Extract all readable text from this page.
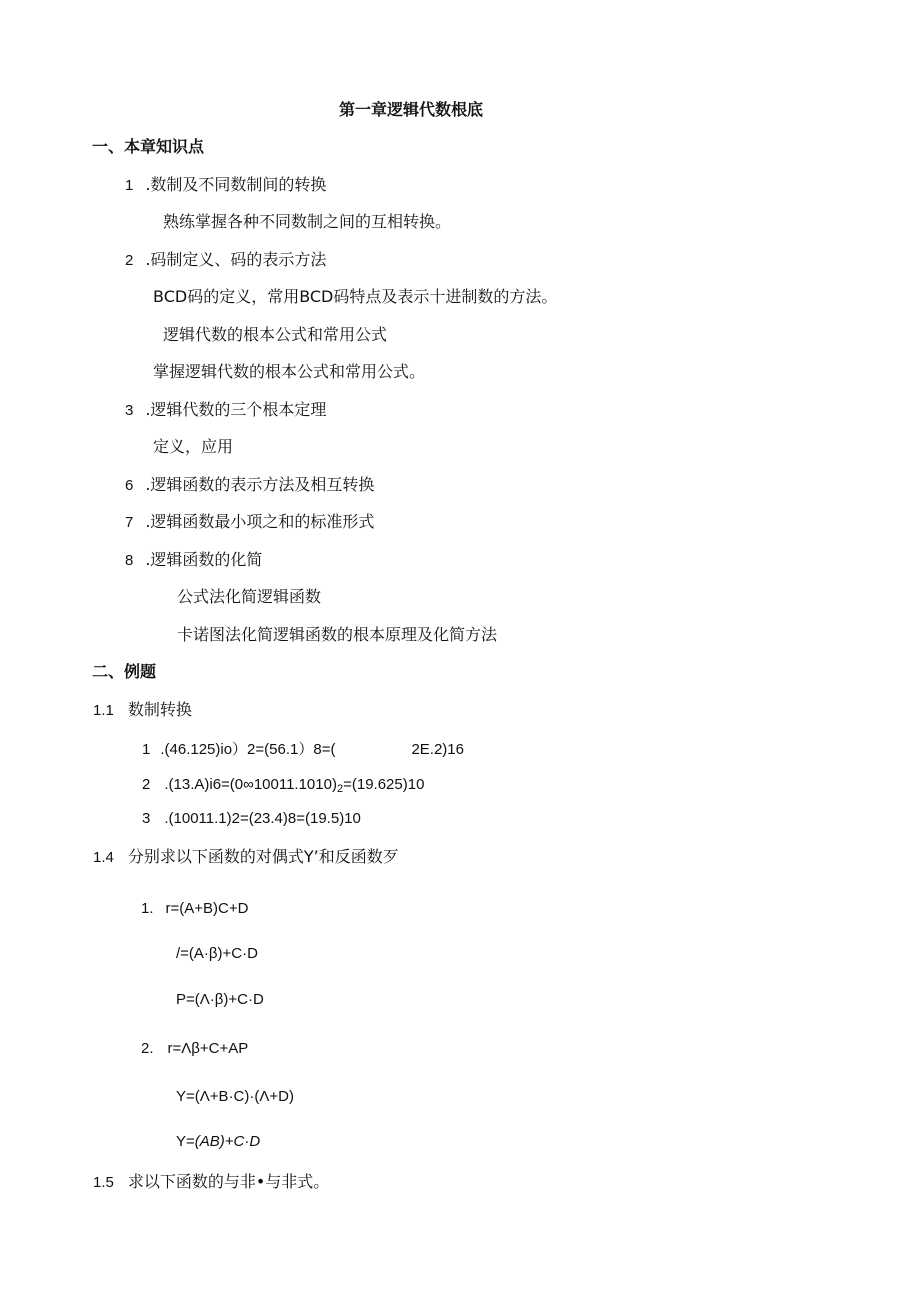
第一章逻辑代数根底
一、本章知识点
1 .数制及不同数制间的转换
熟练掌握各种不同数制之间的互相转换。
2 .码制定义、码的表示方法
BCD码的定义，常用BCD码特点及表示十进制数的方法。
逻辑代数的根本公式和常用公式
掌握逻辑代数的根本公式和常用公式。
3 .逻辑代数的三个根本定理
定义，应用
6 .逻辑函数的表示方法及相互转换
7 .逻辑函数最小项之和的标准形式
8 .逻辑函数的化简
公式法化简逻辑函数
卡诺图法化简逻辑函数的根本原理及化简方法
二、例题
1.1 数制转换
1 .(46.125)io）2=(56.1）8=(	2E.2)16
2 $.(13.A)i6=(0\infty 10011.1010)_2=(19.625)10$
3 .(10011.1)2=(23.4)8=(19.5)10
1.4 分别求以下函数的对偶式Y’和反函数歹
1. r=(A+B)C+D
/=(A·β)+C·D
P=(Λ·β)+C·D
2. r=Λβ+C+AP
Y=(Λ+B·C)·(Λ+D)
Y=(AB)+C·D
1.5 求以下函数的与非•与非式。
